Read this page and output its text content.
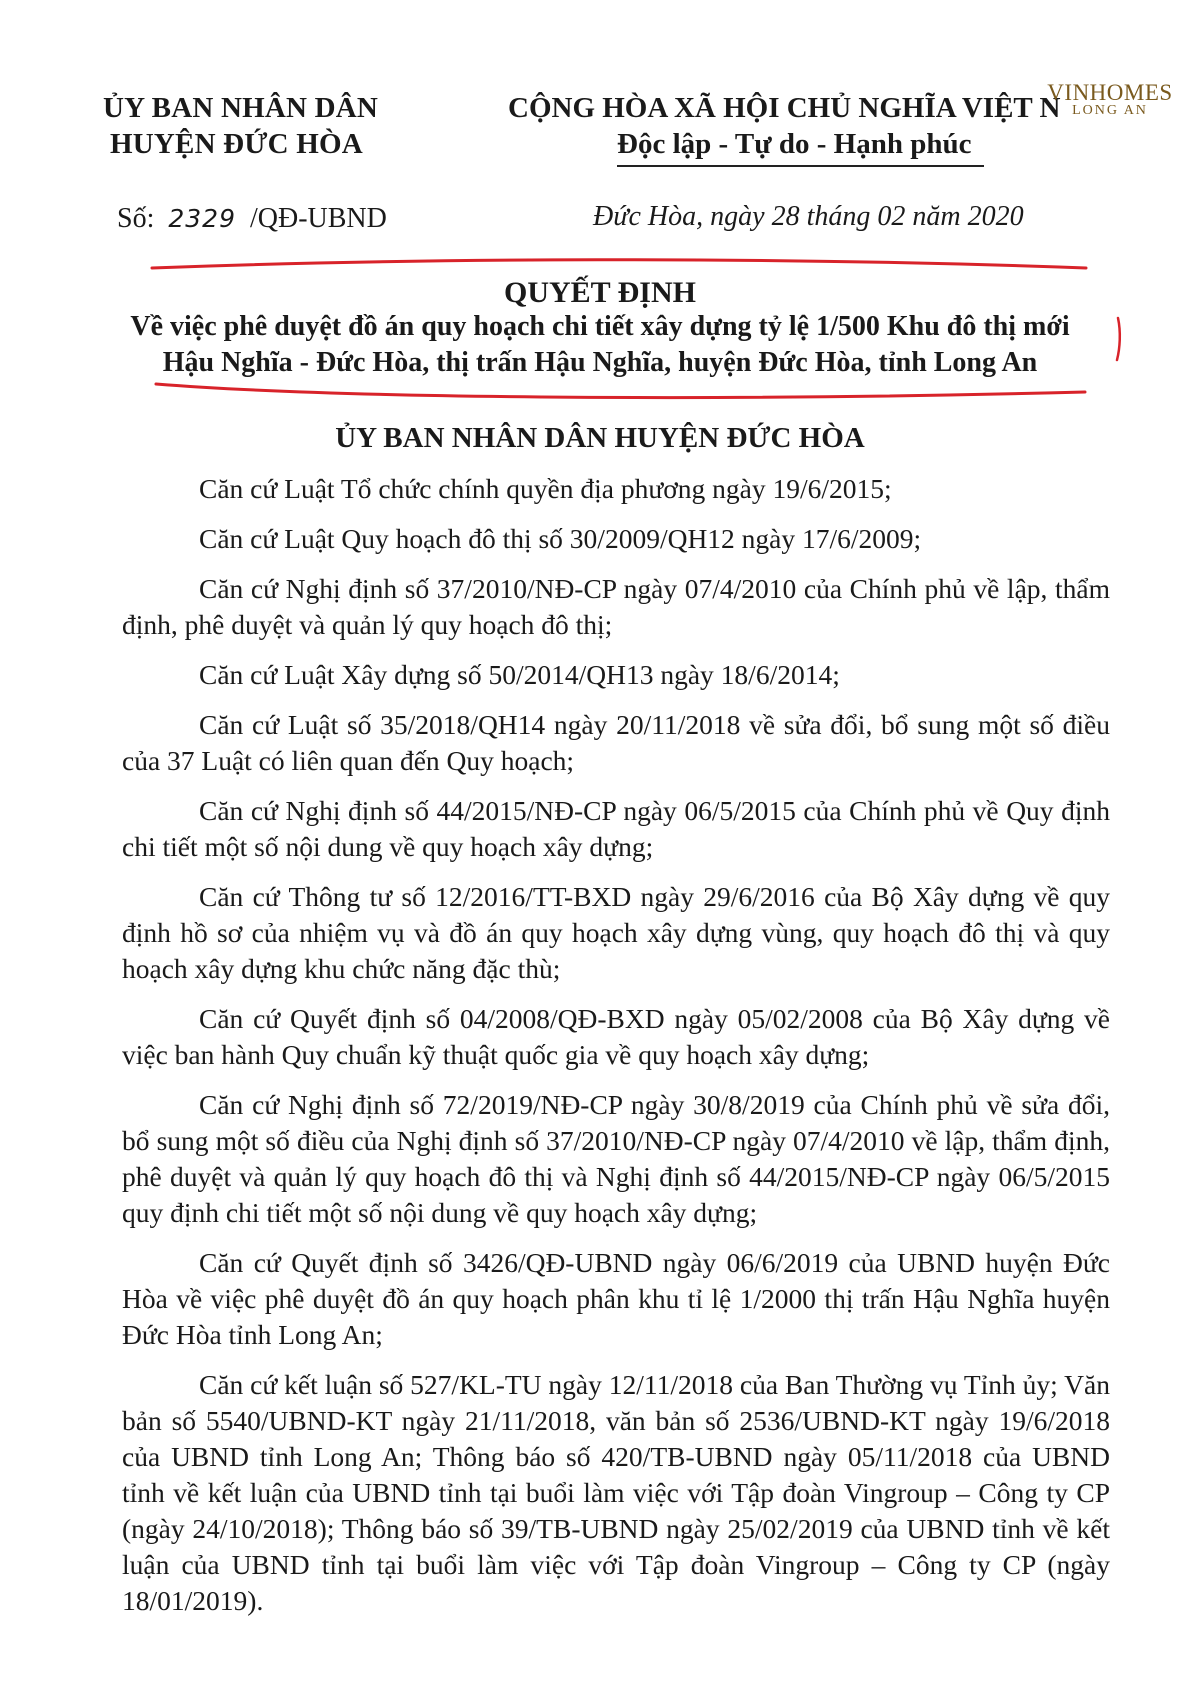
ỦY BAN NHÂN DÂN
HUYỆN ĐỨC HÒA
CỘNG HÒA XÃ HỘI CHỦ NGHĨA VIỆT N
Độc lập - Tự do - Hạnh phúc
VINHOMES
LONG AN
Số: 2329 /QĐ-UBND	Đức Hòa, ngày 28 tháng 02 năm 2020
QUYẾT ĐỊNH
Về việc phê duyệt đồ án quy hoạch chi tiết xây dựng tỷ lệ 1/500 Khu đô thị mới
Hậu Nghĩa - Đức Hòa, thị trấn Hậu Nghĩa, huyện Đức Hòa, tỉnh Long An
ỦY BAN NHÂN DÂN HUYỆN ĐỨC HÒA

Căn cứ Luật Tổ chức chính quyền địa phương ngày 19/6/2015;

Căn cứ Luật Quy hoạch đô thị số 30/2009/QH12 ngày 17/6/2009;

Căn cứ Nghị định số 37/2010/NĐ-CP ngày 07/4/2010 của Chính phủ về lập, thẩm định, phê duyệt và quản lý quy hoạch đô thị;

Căn cứ Luật Xây dựng số 50/2014/QH13 ngày 18/6/2014;

Căn cứ Luật số 35/2018/QH14 ngày 20/11/2018 về sửa đổi, bổ sung một số điều của 37 Luật có liên quan đến Quy hoạch;

Căn cứ Nghị định số 44/2015/NĐ-CP ngày 06/5/2015 của Chính phủ về Quy định chi tiết một số nội dung về quy hoạch xây dựng;

Căn cứ Thông tư số 12/2016/TT-BXD ngày 29/6/2016 của Bộ Xây dựng về quy định hồ sơ của nhiệm vụ và đồ án quy hoạch xây dựng vùng, quy hoạch đô thị và quy hoạch xây dựng khu chức năng đặc thù;

Căn cứ Quyết định số 04/2008/QĐ-BXD ngày 05/02/2008 của Bộ Xây dựng về việc ban hành Quy chuẩn kỹ thuật quốc gia về quy hoạch xây dựng;

Căn cứ Nghị định số 72/2019/NĐ-CP ngày 30/8/2019 của Chính phủ về sửa đổi, bổ sung một số điều của Nghị định số 37/2010/NĐ-CP ngày 07/4/2010 về lập, thẩm định, phê duyệt và quản lý quy hoạch đô thị và Nghị định số 44/2015/NĐ-CP ngày 06/5/2015 quy định chi tiết một số nội dung về quy hoạch xây dựng;

Căn cứ Quyết định số 3426/QĐ-UBND ngày 06/6/2019 của UBND huyện Đức Hòa về việc phê duyệt đồ án quy hoạch phân khu tỉ lệ 1/2000 thị trấn Hậu Nghĩa huyện Đức Hòa tỉnh Long An;

Căn cứ kết luận số 527/KL-TU ngày 12/11/2018 của Ban Thường vụ Tỉnh ủy; Văn bản số 5540/UBND-KT ngày 21/11/2018, văn bản số 2536/UBND-KT ngày 19/6/2018 của UBND tỉnh Long An; Thông báo số 420/TB-UBND ngày 05/11/2018 của UBND tỉnh về kết luận của UBND tỉnh tại buổi làm việc với Tập đoàn Vingroup – Công ty CP (ngày 24/10/2018); Thông báo số 39/TB-UBND ngày 25/02/2019 của UBND tỉnh về kết luận của UBND tỉnh tại buổi làm việc với Tập đoàn Vingroup – Công ty CP (ngày 18/01/2019).
